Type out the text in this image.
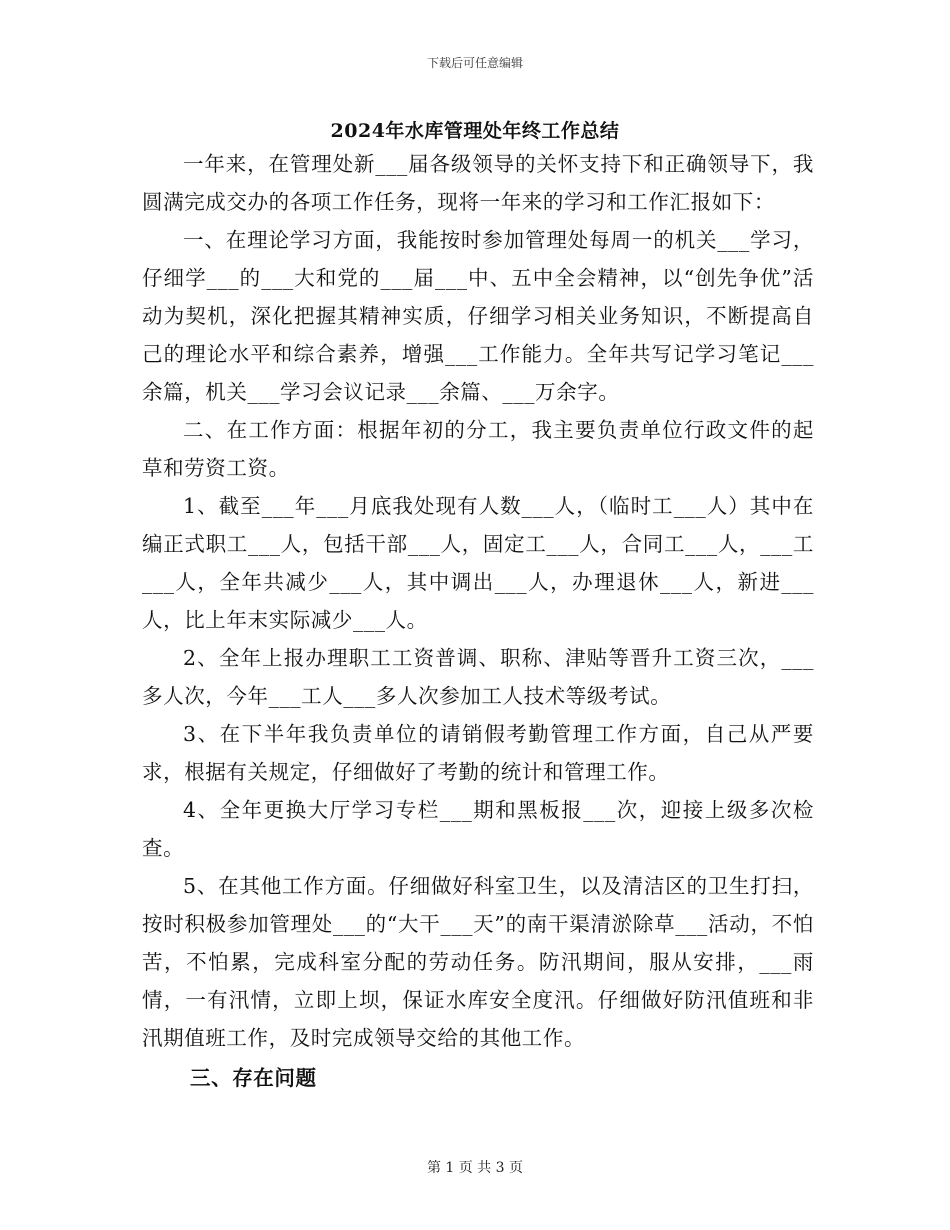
下载后可任意编辑
2024年水库管理处年终工作总结

一年来，在管理处新___届各级领导的关怀支持下和正确领导下，我圆满完成交办的各项工作任务，现将一年来的学习和工作汇报如下：

一、在理论学习方面，我能按时参加管理处每周一的机关___学习，仔细学___的___大和党的___届___中、五中全会精神，以“创先争优”活动为契机，深化把握其精神实质，仔细学习相关业务知识，不断提高自己的理论水平和综合素养，增强___工作能力。全年共写记学习笔记___余篇，机关___学习会议记录___余篇、___万余字。

二、在工作方面：根据年初的分工，我主要负责单位行政文件的起草和劳资工资。

1、截至___年___月底我处现有人数___人，（临时工___人）其中在编正式职工___人，包括干部___人，固定工___人，合同工___人，___工___人，全年共减少___人，其中调出___人，办理退休___人，新进___人，比上年末实际减少___人。

2、全年上报办理职工工资普调、职称、津贴等晋升工资三次，___多人次，今年___工人___多人次参加工人技术等级考试。

3、在下半年我负责单位的请销假考勤管理工作方面，自己从严要求，根据有关规定，仔细做好了考勤的统计和管理工作。

4、全年更换大厅学习专栏___期和黑板报___次，迎接上级多次检查。

5、在其他工作方面。仔细做好科室卫生，以及清洁区的卫生打扫，按时积极参加管理处___的“大干___天”的南干渠清淤除草___活动，不怕苦，不怕累，完成科室分配的劳动任务。防汛期间，服从安排，___雨情，一有汛情，立即上坝，保证水库安全度汛。仔细做好防汛值班和非汛期值班工作，及时完成领导交给的其他工作。

三、存在问题

第 1 页 共 3 页
